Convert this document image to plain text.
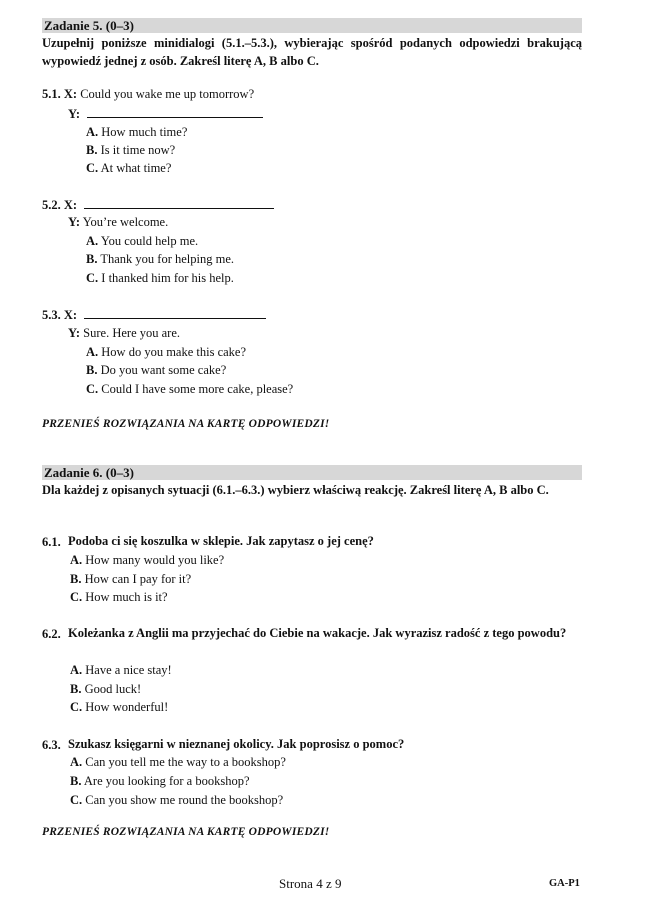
Zadanie 5. (0–3)
Uzupełnij poniższe minidialogi (5.1.–5.3.), wybierając spośród podanych odpowiedzi brakującą wypowiedź jednej z osób. Zakreśl literę A, B albo C.
5.1. X: Could you wake me up tomorrow?
Y:
A. How much time?
B. Is it time now?
C. At what time?
5.2. X:
Y: You’re welcome.
A. You could help me.
B. Thank you for helping me.
C. I thanked him for his help.
5.3. X:
Y: Sure. Here you are.
A. How do you make this cake?
B. Do you want some cake?
C. Could I have some more cake, please?
PRZENIEŚ ROZWIĄZANIA NA KARTĘ ODPOWIEDZI!
Zadanie 6. (0–3)
Dla każdej z opisanych sytuacji (6.1.–6.3.) wybierz właściwą reakcję. Zakreśl literę A, B albo C.
6.1. Podoba ci się koszulka w sklepie. Jak zapytasz o jej cenę?
A. How many would you like?
B. How can I pay for it?
C. How much is it?
6.2. Koleżanka z Anglii ma przyjechać do Ciebie na wakacje. Jak wyrazisz radość z tego powodu?
A. Have a nice stay!
B. Good luck!
C. How wonderful!
6.3. Szukasz księgarni w nieznanej okolicy. Jak poprosisz o pomoc?
A. Can you tell me the way to a bookshop?
B. Are you looking for a bookshop?
C. Can you show me round the bookshop?
PRZENIEŚ ROZWIĄZANIA NA KARTĘ ODPOWIEDZI!
Strona 4 z 9	GA-P1
